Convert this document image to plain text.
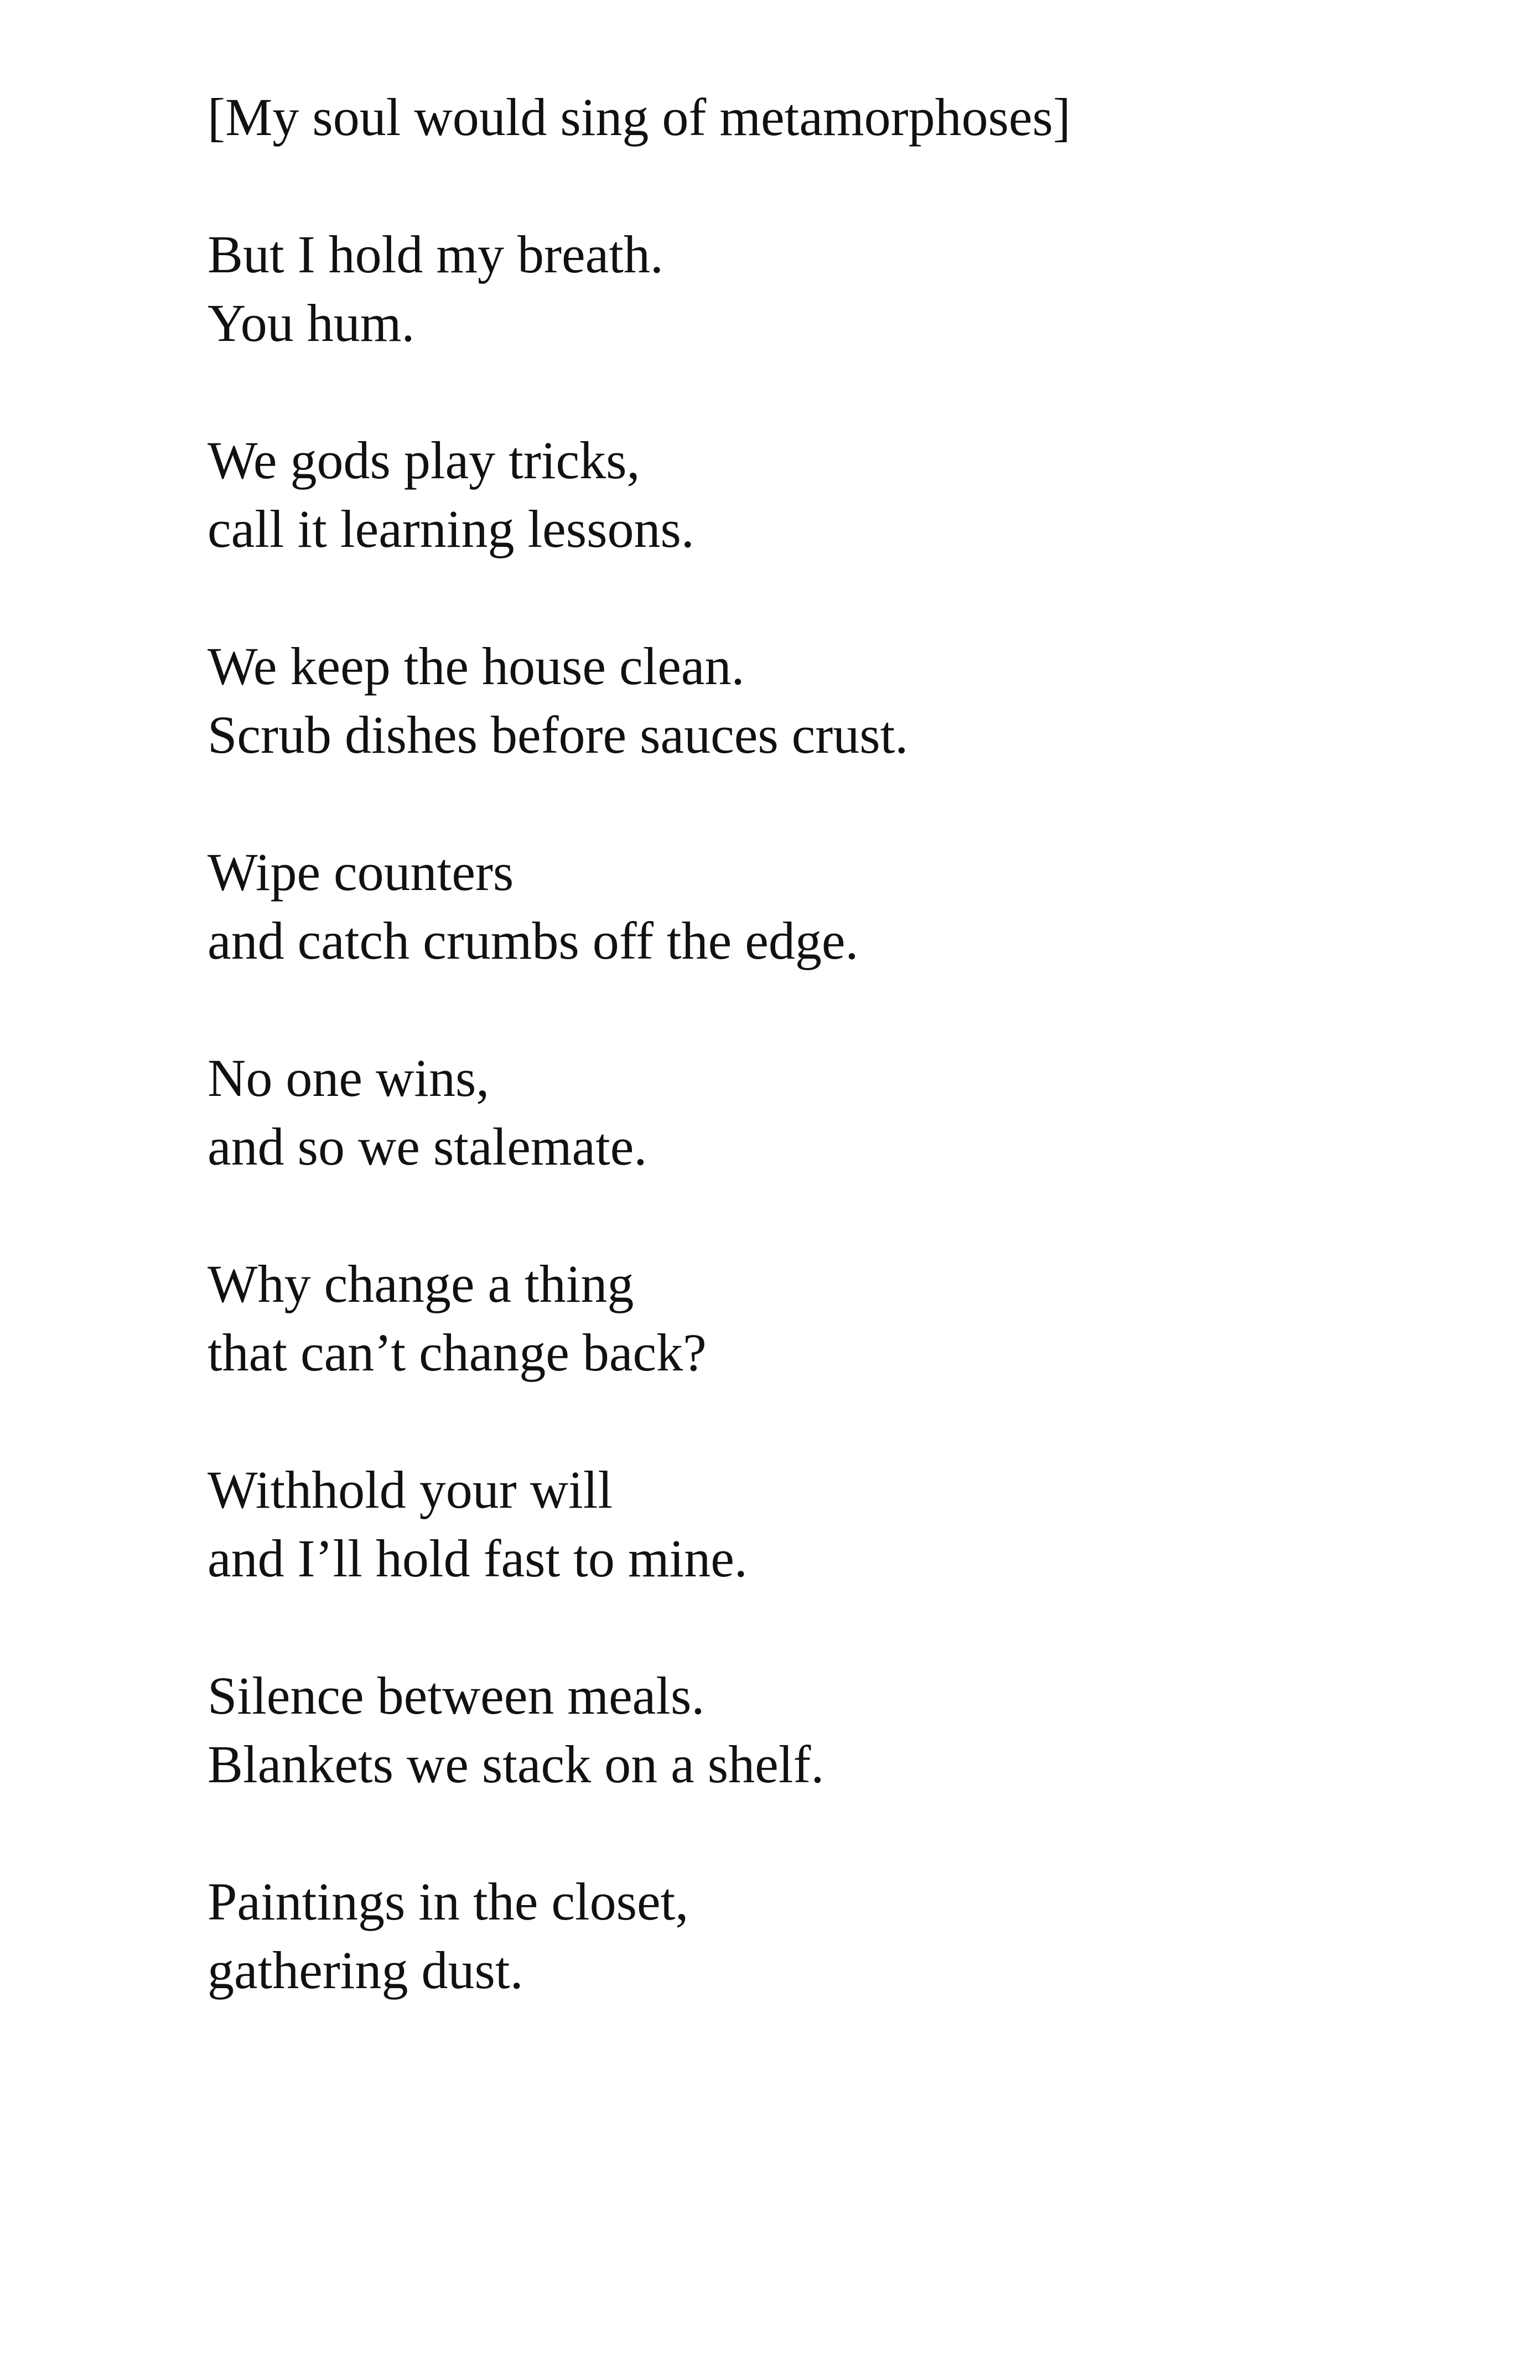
[My soul would sing of metamorphoses]
But I hold my breath.
You hum.
We gods play tricks,
call it learning lessons.
We keep the house clean.
Scrub dishes before sauces crust.
Wipe counters
and catch crumbs off the edge.
No one wins,
and so we stalemate.
Why change a thing
that can’t change back?
Withhold your will
and I’ll hold fast to mine.
Silence between meals.
Blankets we stack on a shelf.
Paintings in the closet,
gathering dust.
